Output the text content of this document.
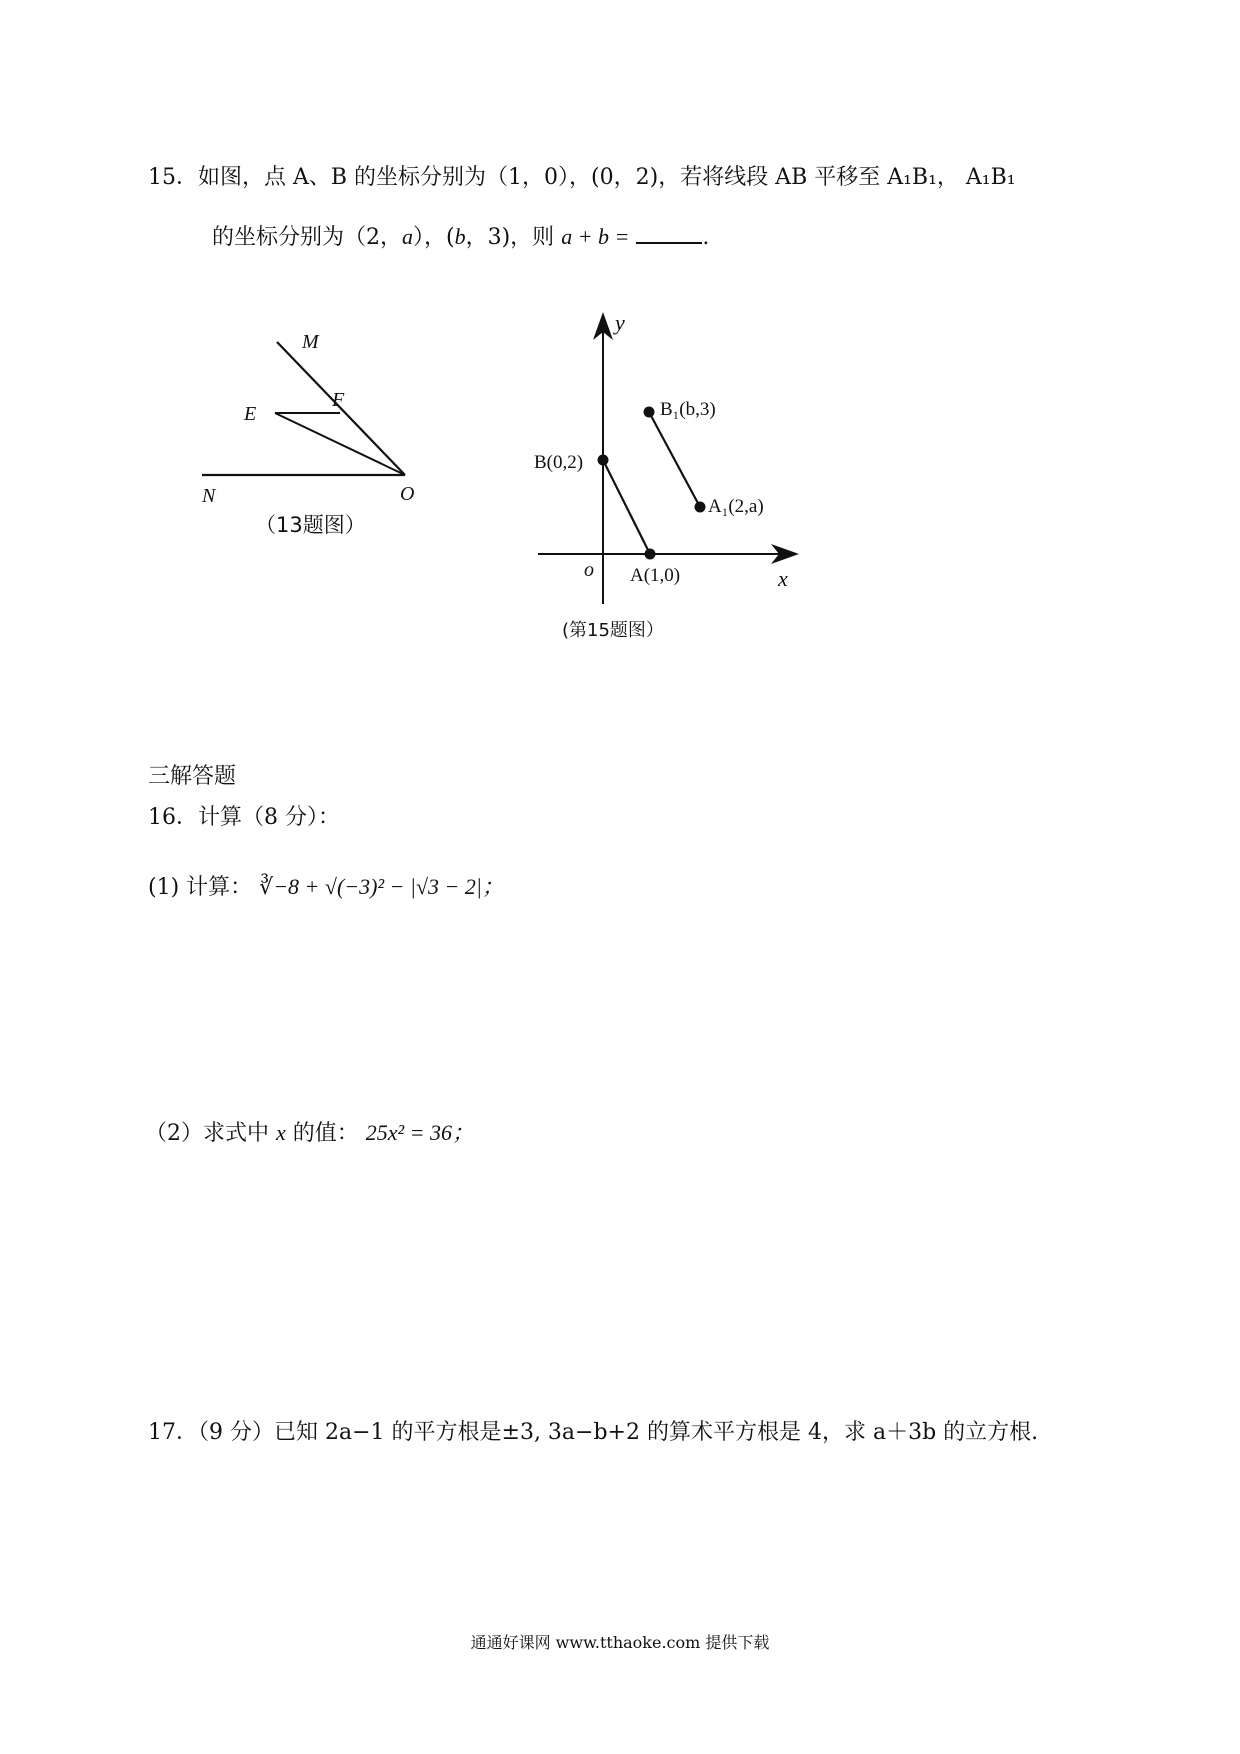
15．如图，点 A、B 的坐标分别为（1，0），(0，2)，若将线段 AB 平移至 A₁B₁， A₁B₁
的坐标分别为（2，a），(b，3)，则 a + b =	.
M
F
E
N	O
（13题图）
y
x
o
B(0,2)
A(1,0)
B₁(b,3)
A₁(2,a)
(第15题图）
三解答题
16．计算（8 分）：
(1) 计算： ∛−8 + √(−3)² − |√3 − 2|；
（2）求式中 x 的值： 25x² = 36；
17．（9 分）已知 2a−1 的平方根是±3, 3a−b+2 的算术平方根是 4，求 a＋3b 的立方根.
通通好课网 www.tthaoke.com 提供下载
